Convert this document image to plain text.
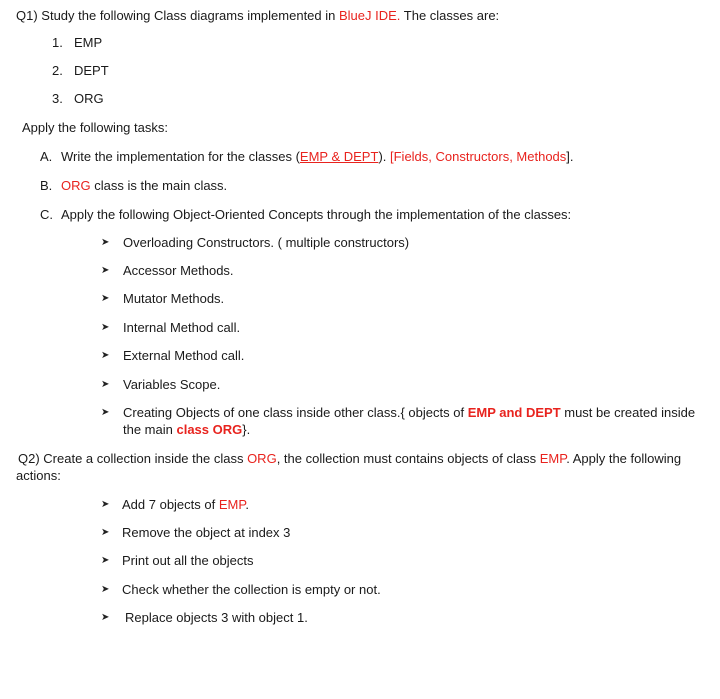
Q1) Study the following Class diagrams implemented in BlueJ IDE. The classes are:
1. EMP
2. DEPT
3. ORG
Apply the following tasks:
A. Write the implementation for the classes (EMP & DEPT). [Fields, Constructors, Methods].
B. ORG class is the main class.
C. Apply the following Object-Oriented Concepts through the implementation of the classes:
➤ Overloading Constructors. ( multiple constructors)
➤ Accessor Methods.
➤ Mutator Methods.
➤ Internal Method call.
➤ External Method call.
➤ Variables Scope.
➤ Creating Objects of one class inside other class.{ objects of EMP and DEPT must be created inside
the main class ORG}.
Q2) Create a collection inside the class ORG, the collection must contains objects of class EMP. Apply the following
actions:
➤ Add 7 objects of EMP.
➤ Remove the object at index 3
➤ Print out all the objects
➤ Check whether the collection is empty or not.
➤ Replace objects 3 with object 1.
